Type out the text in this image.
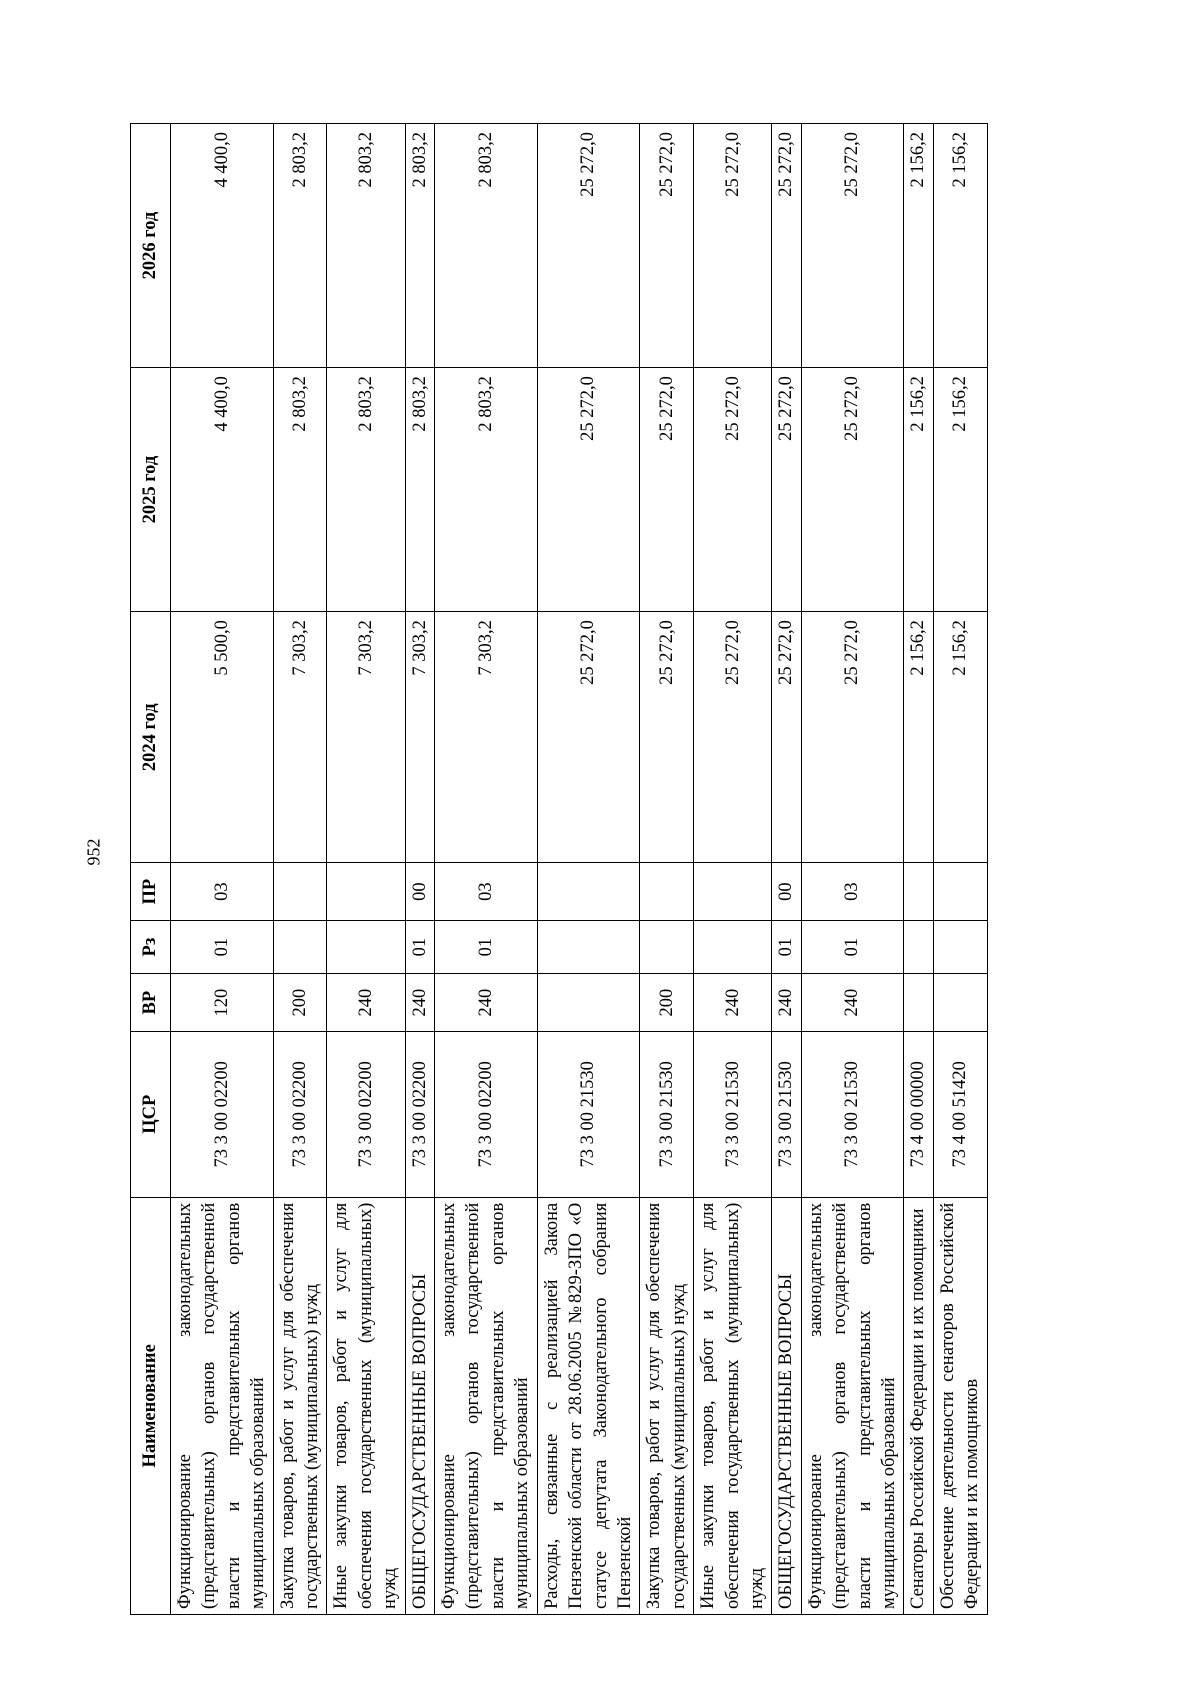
952
Наименование	ЦСР	ВР	Рз	ПР	2024 год	2025 год	2026 год
Функционирование законодательных (представительных) органов государственной власти и представительных органов муниципальных образований	73 3 00 02200	120	01	03	5 500,0	4 400,0	4 400,0
Закупка товаров, работ и услуг для обеспечения государственных (муниципальных) нужд	73 3 00 02200	200			7 303,2	2 803,2	2 803,2
Иные закупки товаров, работ и услуг для обеспечения государственных (муниципальных) нужд	73 3 00 02200	240			7 303,2	2 803,2	2 803,2
ОБЩЕГОСУДАРСТВЕННЫЕ ВОПРОСЫ	73 3 00 02200	240	01	00	7 303,2	2 803,2	2 803,2
Функционирование законодательных (представительных) органов государственной власти и представительных органов муниципальных образований	73 3 00 02200	240	01	03	7 303,2	2 803,2	2 803,2
Расходы, связанные с реализацией Закона Пензенской области от 28.06.2005 №829-ЗПО «О статусе депутата Законодательного собрания Пензенской	73 3 00 21530				25 272,0	25 272,0	25 272,0
Закупка товаров, работ и услуг для обеспечения государственных (муниципальных) нужд	73 3 00 21530	200			25 272,0	25 272,0	25 272,0
Иные закупки товаров, работ и услуг для обеспечения государственных (муниципальных) нужд	73 3 00 21530	240			25 272,0	25 272,0	25 272,0
ОБЩЕГОСУДАРСТВЕННЫЕ ВОПРОСЫ	73 3 00 21530	240	01	00	25 272,0	25 272,0	25 272,0
Функционирование законодательных (представительных) органов государственной власти и представительных органов муниципальных образований	73 3 00 21530	240	01	03	25 272,0	25 272,0	25 272,0
Сенаторы Российской Федерации и их помощники	73 4 00 00000				2 156,2	2 156,2	2 156,2
Обеспечение деятельности сенаторов Российской Федерации и их помощников	73 4 00 51420				2 156,2	2 156,2	2 156,2
